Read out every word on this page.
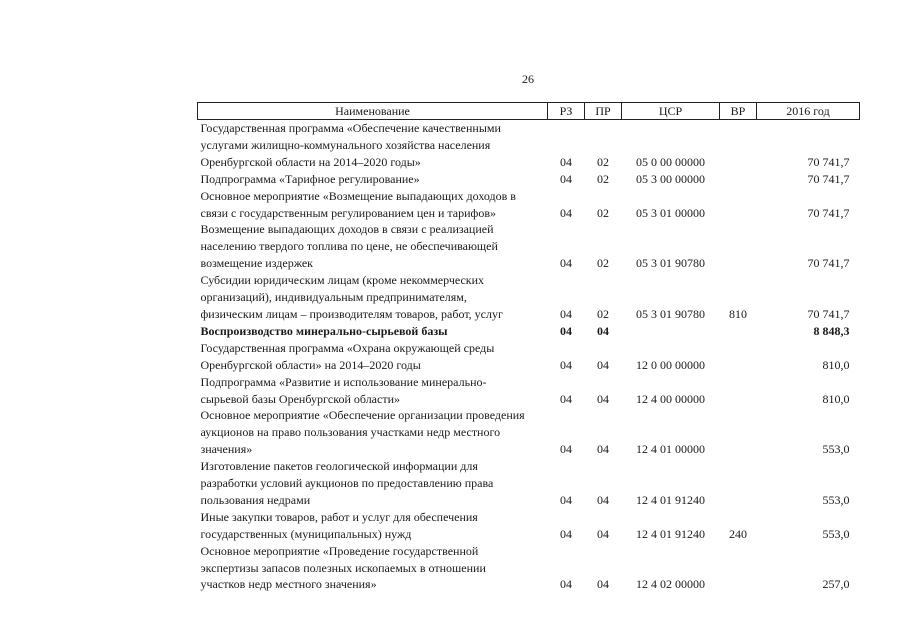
26
Наименование	РЗ	ПР	ЦСР	ВР	2016 год

Государственная программа «Обеспечение качественными
услугами жилищно-коммунального хозяйства населения
Оренбургской области на 2014–2020 годы»	04	02	05 0 00 00000		70 741,7

Подпрограмма «Тарифное регулирование»	04	02	05 3 00 00000		70 741,7

Основное мероприятие «Возмещение выпадающих доходов в
связи с государственным регулированием цен и тарифов»	04	02	05 3 01 00000		70 741,7

Возмещение выпадающих доходов в связи с реализацией
населению твердого топлива по цене, не обеспечивающей
возмещение издержек	04	02	05 3 01 90780		70 741,7

Субсидии юридическим лицам (кроме некоммерческих
организаций), индивидуальным предпринимателям,
физическим лицам – производителям товаров, работ, услуг	04	02	05 3 01 90780	810	70 741,7

Воспроизводство минерально-сырьевой базы	04	04			8 848,3

Государственная программа «Охрана окружающей среды
Оренбургской области» на 2014–2020 годы	04	04	12 0 00 00000		810,0

Подпрограмма «Развитие и использование минерально-
сырьевой базы Оренбургской области»	04	04	12 4 00 00000		810,0

Основное мероприятие «Обеспечение организации проведения
аукционов на право пользования участками недр местного
значения»	04	04	12 4 01 00000		553,0

Изготовление пакетов геологической информации для
разработки условий аукционов по предоставлению права
пользования недрами	04	04	12 4 01 91240		553,0

Иные закупки товаров, работ и услуг для обеспечения
государственных (муниципальных) нужд	04	04	12 4 01 91240	240	553,0

Основное мероприятие «Проведение государственной
экспертизы запасов полезных ископаемых в отношении
участков недр местного значения»	04	04	12 4 02 00000		257,0
